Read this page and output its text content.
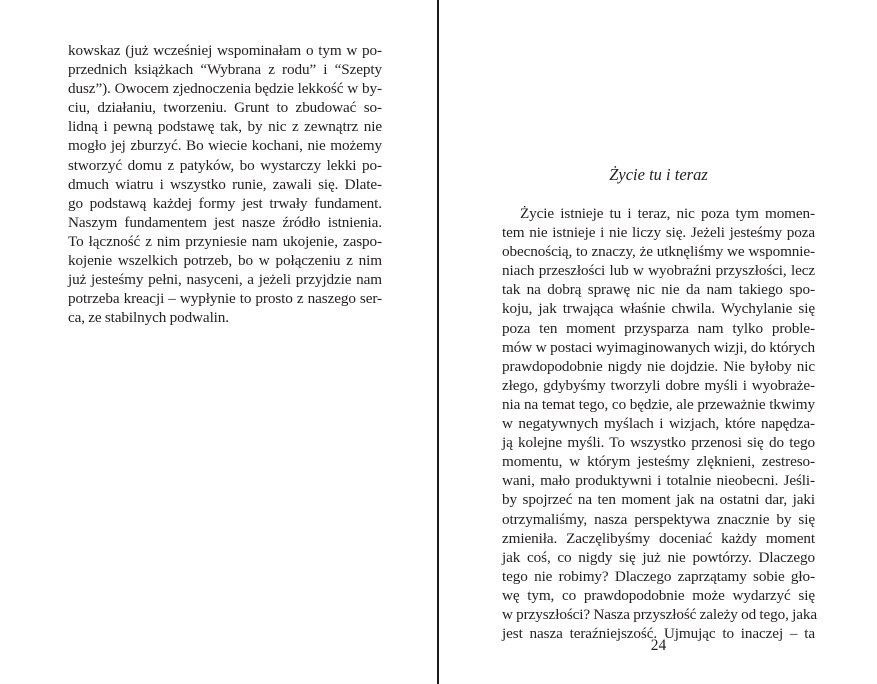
kowskaz (już wcześniej wspominałam o tym w po-
przednich książkach “Wybrana z rodu” i “Szepty
dusz”). Owocem zjednoczenia będzie lekkość w by-
ciu, działaniu, tworzeniu. Grunt to zbudować so-
lidną i pewną podstawę tak, by nic z zewnątrz nie
mogło jej zburzyć. Bo wiecie kochani, nie możemy
stworzyć domu z patyków, bo wystarczy lekki po-
dmuch wiatru i wszystko runie, zawali się. Dlate-
go podstawą każdej formy jest trwały fundament.
Naszym fundamentem jest nasze źródło istnienia.
To łączność z nim przyniesie nam ukojenie, zaspo-
kojenie wszelkich potrzeb, bo w połączeniu z nim
już jesteśmy pełni, nasyceni, a jeżeli przyjdzie nam
potrzeba kreacji – wypłynie to prosto z naszego ser-
ca, ze stabilnych podwalin.
Życie tu i teraz
Życie istnieje tu i teraz, nic poza tym momen-
tem nie istnieje i nie liczy się. Jeżeli jesteśmy poza
obecnością, to znaczy, że utknęliśmy we wspomnie-
niach przeszłości lub w wyobraźni przyszłości, lecz
tak na dobrą sprawę nic nie da nam takiego spo-
koju, jak trwająca właśnie chwila. Wychylanie się
poza ten moment przysparza nam tylko proble-
mów w postaci wyimaginowanych wizji, do których
prawdopodobnie nigdy nie dojdzie. Nie byłoby nic
złego, gdybyśmy tworzyli dobre myśli i wyobraże-
nia na temat tego, co będzie, ale przeważnie tkwimy
w negatywnych myślach i wizjach, które napędza-
ją kolejne myśli. To wszystko przenosi się do tego
momentu, w którym jesteśmy zlęknieni, zestreso-
wani, mało produktywni i totalnie nieobecni. Jeśli-
by spojrzeć na ten moment jak na ostatni dar, jaki
otrzymaliśmy, nasza perspektywa znacznie by się
zmieniła. Zaczęlibyśmy doceniać każdy moment
jak coś, co nigdy się już nie powtórzy. Dlaczego
tego nie robimy? Dlaczego zaprzątamy sobie gło-
wę tym, co prawdopodobnie może wydarzyć się
w przyszłości? Nasza przyszłość zależy od tego, jaka
jest nasza teraźniejszość. Ujmując to inaczej – ta
24
